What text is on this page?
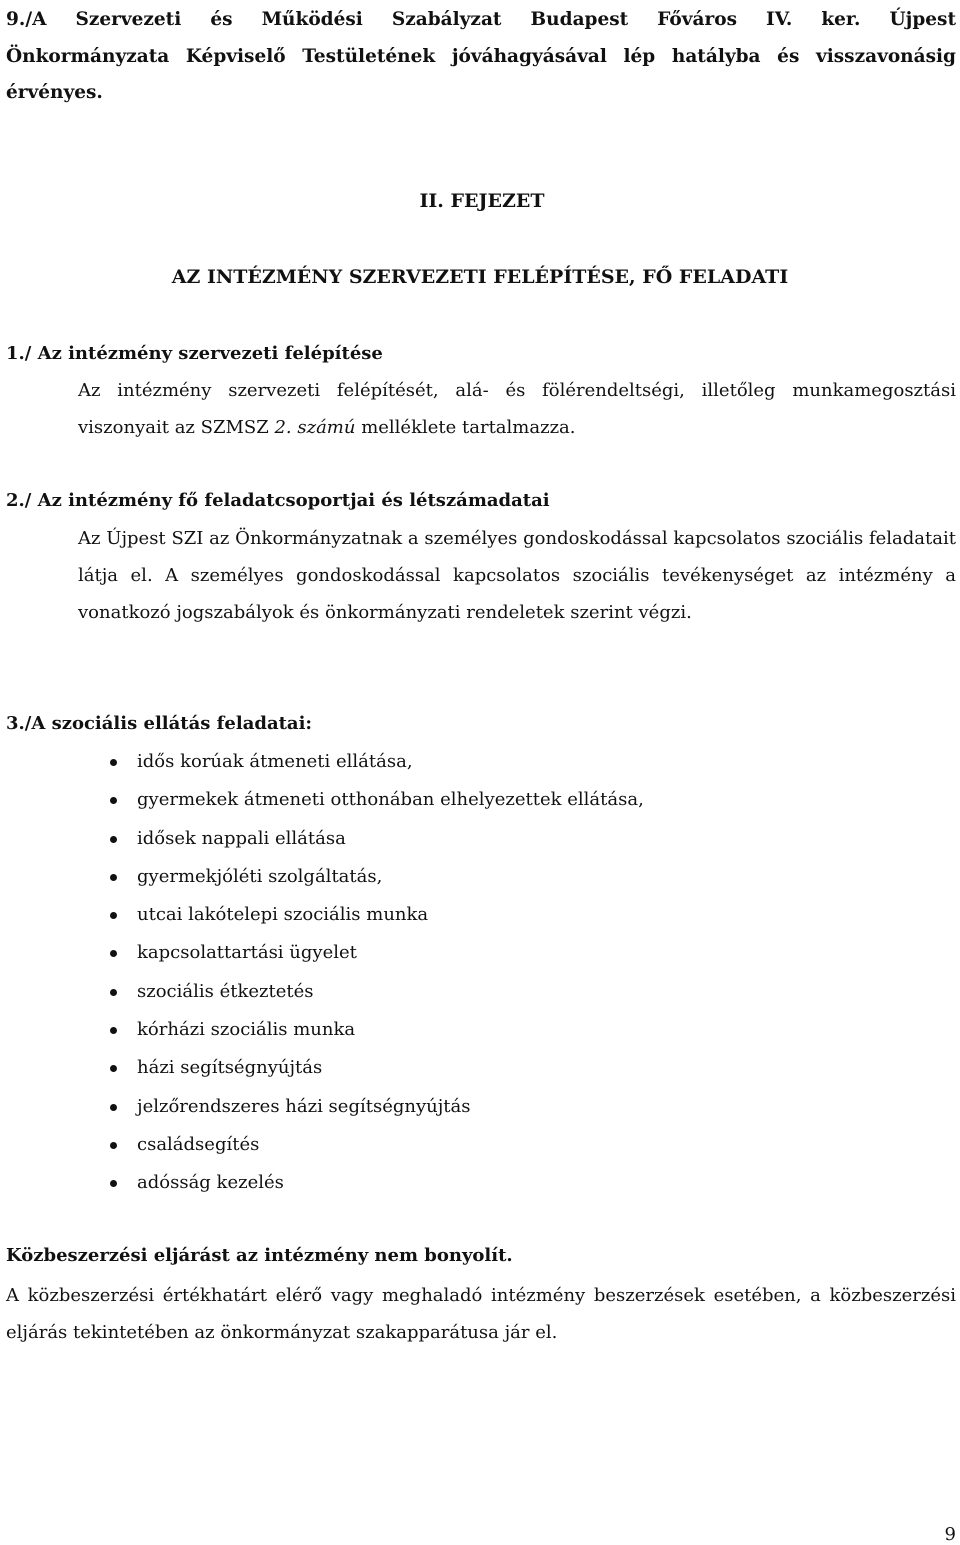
9./A Szervezeti és Működési Szabályzat Budapest Főváros IV. ker. Újpest Önkormányzata Képviselő Testületének jóváhagyásával lép hatályba és visszavonásig érvényes.
II. FEJEZET
AZ INTÉZMÉNY SZERVEZETI FELÉPÍTÉSE, FŐ FELADATI
1./ Az intézmény szervezeti felépítése
Az intézmény szervezeti felépítését, alá- és fölérendeltségi, illetőleg munkamegosztási viszonyait az SZMSZ 2. számú melléklete tartalmazza.
2./ Az intézmény fő feladatcsoportjai és létszámadatai
Az Újpest SZI az Önkormányzatnak a személyes gondoskodással kapcsolatos szociális feladatait látja el. A személyes gondoskodással kapcsolatos szociális tevékenységet az intézmény a vonatkozó jogszabályok és önkormányzati rendeletek szerint végzi.
3./A szociális ellátás feladatai:
idős korúak átmeneti ellátása,
gyermekek átmeneti otthonában elhelyezettek ellátása,
idősek nappali ellátása
gyermekjóléti szolgáltatás,
utcai lakótelepi szociális munka
kapcsolattartási ügyelet
szociális étkeztetés
kórházi szociális munka
házi segítségnyújtás
jelzőrendszeres házi segítségnyújtás
családsegítés
adósság kezelés
Közbeszerzési eljárást az intézmény nem bonyolít.
A közbeszerzési értékhatárt elérő vagy meghaladó intézmény beszerzések esetében, a közbeszerzési eljárás tekintetében az önkormányzat szakapparátusa jár el.
9
